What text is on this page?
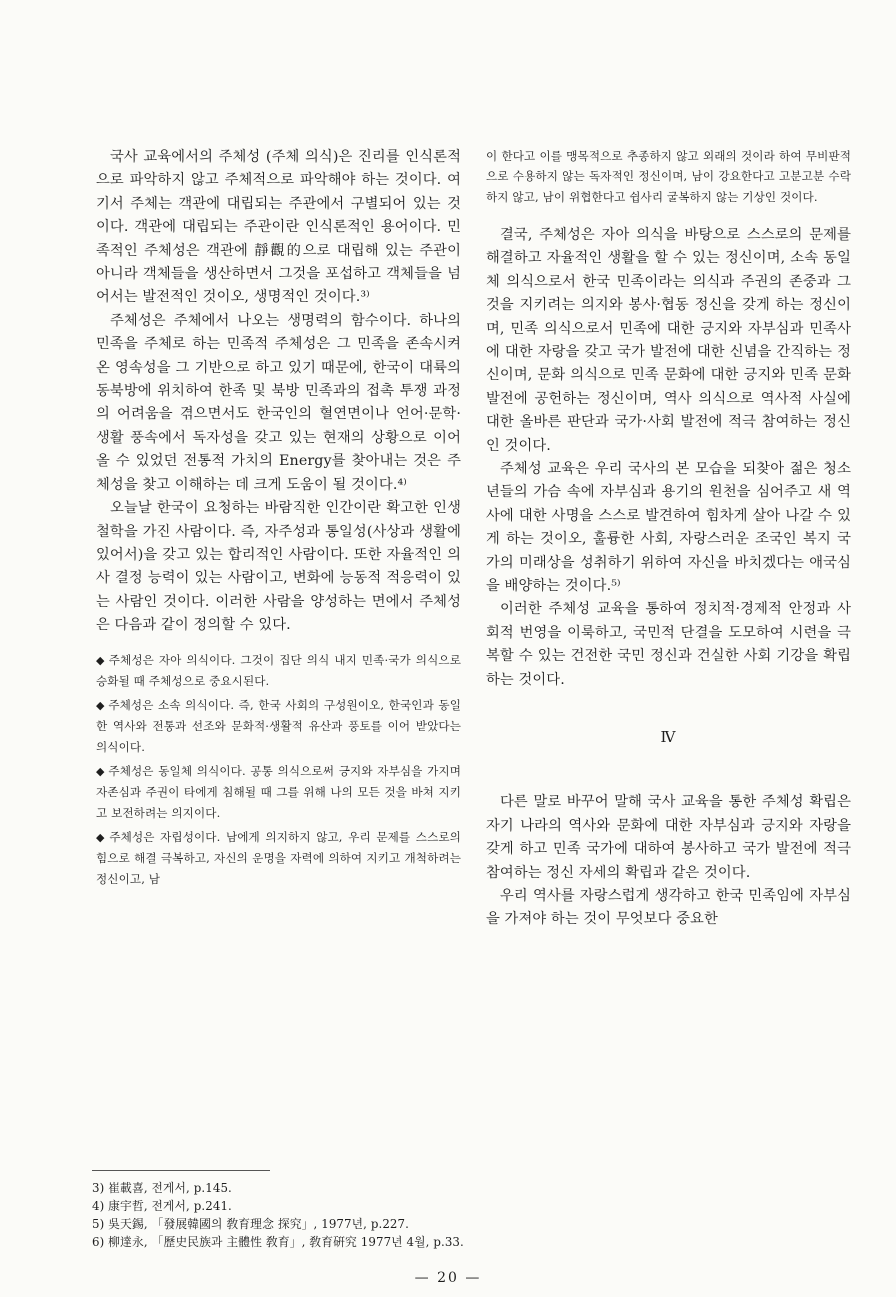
국사 교육에서의 주체성 (주체 의식)은 진리를 인식론적으로 파악하지 않고 주체적으로 파악해야 하는 것이다. 여기서 주체는 객관에 대립되는 주관에서 구별되어 있는 것이다. 객관에 대립되는 주관이란 인식론적인 용어이다. 민족적인 주체성은 객관에 靜觀的으로 대립해 있는 주관이 아니라 객체들을 생산하면서 그것을 포섭하고 객체들을 넘어서는 발전적인 것이오, 생명적인 것이다.³⁾

주체성은 주체에서 나오는 생명력의 함수이다. 하나의 민족을 주체로 하는 민족적 주체성은 그 민족을 존속시켜 온 영속성을 그 기반으로 하고 있기 때문에, 한국이 대륙의 동북방에 위치하여 한족 및 북방 민족과의 접촉 투쟁 과정의 어려움을 겪으면서도 한국인의 혈연면이나 언어·문학·생활 풍속에서 독자성을 갖고 있는 현재의 상황으로 이어올 수 있었던 전통적 가치의 Energy를 찾아내는 것은 주체성을 찾고 이해하는 데 크게 도움이 될 것이다.⁴⁾

오늘날 한국이 요청하는 바람직한 인간이란 확고한 인생 철학을 가진 사람이다. 즉, 자주성과 통일성(사상과 생활에 있어서)을 갖고 있는 합리적인 사람이다. 또한 자율적인 의사 결정 능력이 있는 사람이고, 변화에 능동적 적응력이 있는 사람인 것이다. 이러한 사람을 양성하는 면에서 주체성은 다음과 같이 정의할 수 있다.

◆ 주체성은 자아 의식이다. 그것이 집단 의식 내지 민족·국가 의식으로 승화될 때 주체성으로 중요시된다.

◆ 주체성은 소속 의식이다. 즉, 한국 사회의 구성원이오, 한국인과 동일한 역사와 전통과 선조와 문화적·생활적 유산과 풍토를 이어 받았다는 의식이다.

◆ 주체성은 동일체 의식이다. 공통 의식으로써 긍지와 자부심을 가지며 자존심과 주권이 타에게 침해될 때 그를 위해 나의 모든 것을 바쳐 지키고 보전하려는 의지이다.

◆ 주체성은 자립성이다. 남에게 의지하지 않고, 우리 문제를 스스로의 힘으로 해결 극복하고, 자신의 운명을 자력에 의하여 지키고 개척하려는 정신이고, 남

이 한다고 이를 맹목적으로 추종하지 않고 외래의 것이라 하여 무비판적으로 수용하지 않는 독자적인 정신이며, 남이 강요한다고 고분고분 수락하지 않고, 남이 위협한다고 쉽사리 굴복하지 않는 기상인 것이다.

결국, 주체성은 자아 의식을 바탕으로 스스로의 문제를 해결하고 자율적인 생활을 할 수 있는 정신이며, 소속 동일체 의식으로서 한국 민족이라는 의식과 주권의 존중과 그것을 지키려는 의지와 봉사·협동 정신을 갖게 하는 정신이며, 민족 의식으로서 민족에 대한 긍지와 자부심과 민족사에 대한 자랑을 갖고 국가 발전에 대한 신념을 간직하는 정신이며, 문화 의식으로 민족 문화에 대한 긍지와 민족 문화 발전에 공헌하는 정신이며, 역사 의식으로 역사적 사실에 대한 올바른 판단과 국가·사회 발전에 적극 참여하는 정신인 것이다.

주체성 교육은 우리 국사의 본 모습을 되찾아 젊은 청소년들의 가슴 속에 자부심과 용기의 원천을 심어주고 새 역사에 대한 사명을 스스로 발견하여 힘차게 살아 나갈 수 있게 하는 것이오, 훌륭한 사회, 자랑스러운 조국인 복지 국가의 미래상을 성취하기 위하여 자신을 바치겠다는 애국심을 배양하는 것이다.⁵⁾

이러한 주체성 교육을 통하여 정치적·경제적 안정과 사회적 번영을 이룩하고, 국민적 단결을 도모하여 시련을 극복할 수 있는 건전한 국민 정신과 건실한 사회 기강을 확립하는 것이다.

Ⅳ

다른 말로 바꾸어 말해 국사 교육을 통한 주체성 확립은 자기 나라의 역사와 문화에 대한 자부심과 긍지와 자랑을 갖게 하고 민족 국가에 대하여 봉사하고 국가 발전에 적극 참여하는 정신 자세의 확립과 같은 것이다.

우리 역사를 자랑스럽게 생각하고 한국 민족임에 자부심을 가져야 하는 것이 무엇보다 중요한

3) 崔載喜, 전게서, p.145.

4) 康宇哲, 전게서, p.241.

5) 吳天錫, 「發展韓國의 敎育理念 探究」, 1977년, p.227.

6) 柳達永, 「歷史民族과 主體性 敎育」, 敎育硏究 1977년 4월, p.33.

— 20 —
